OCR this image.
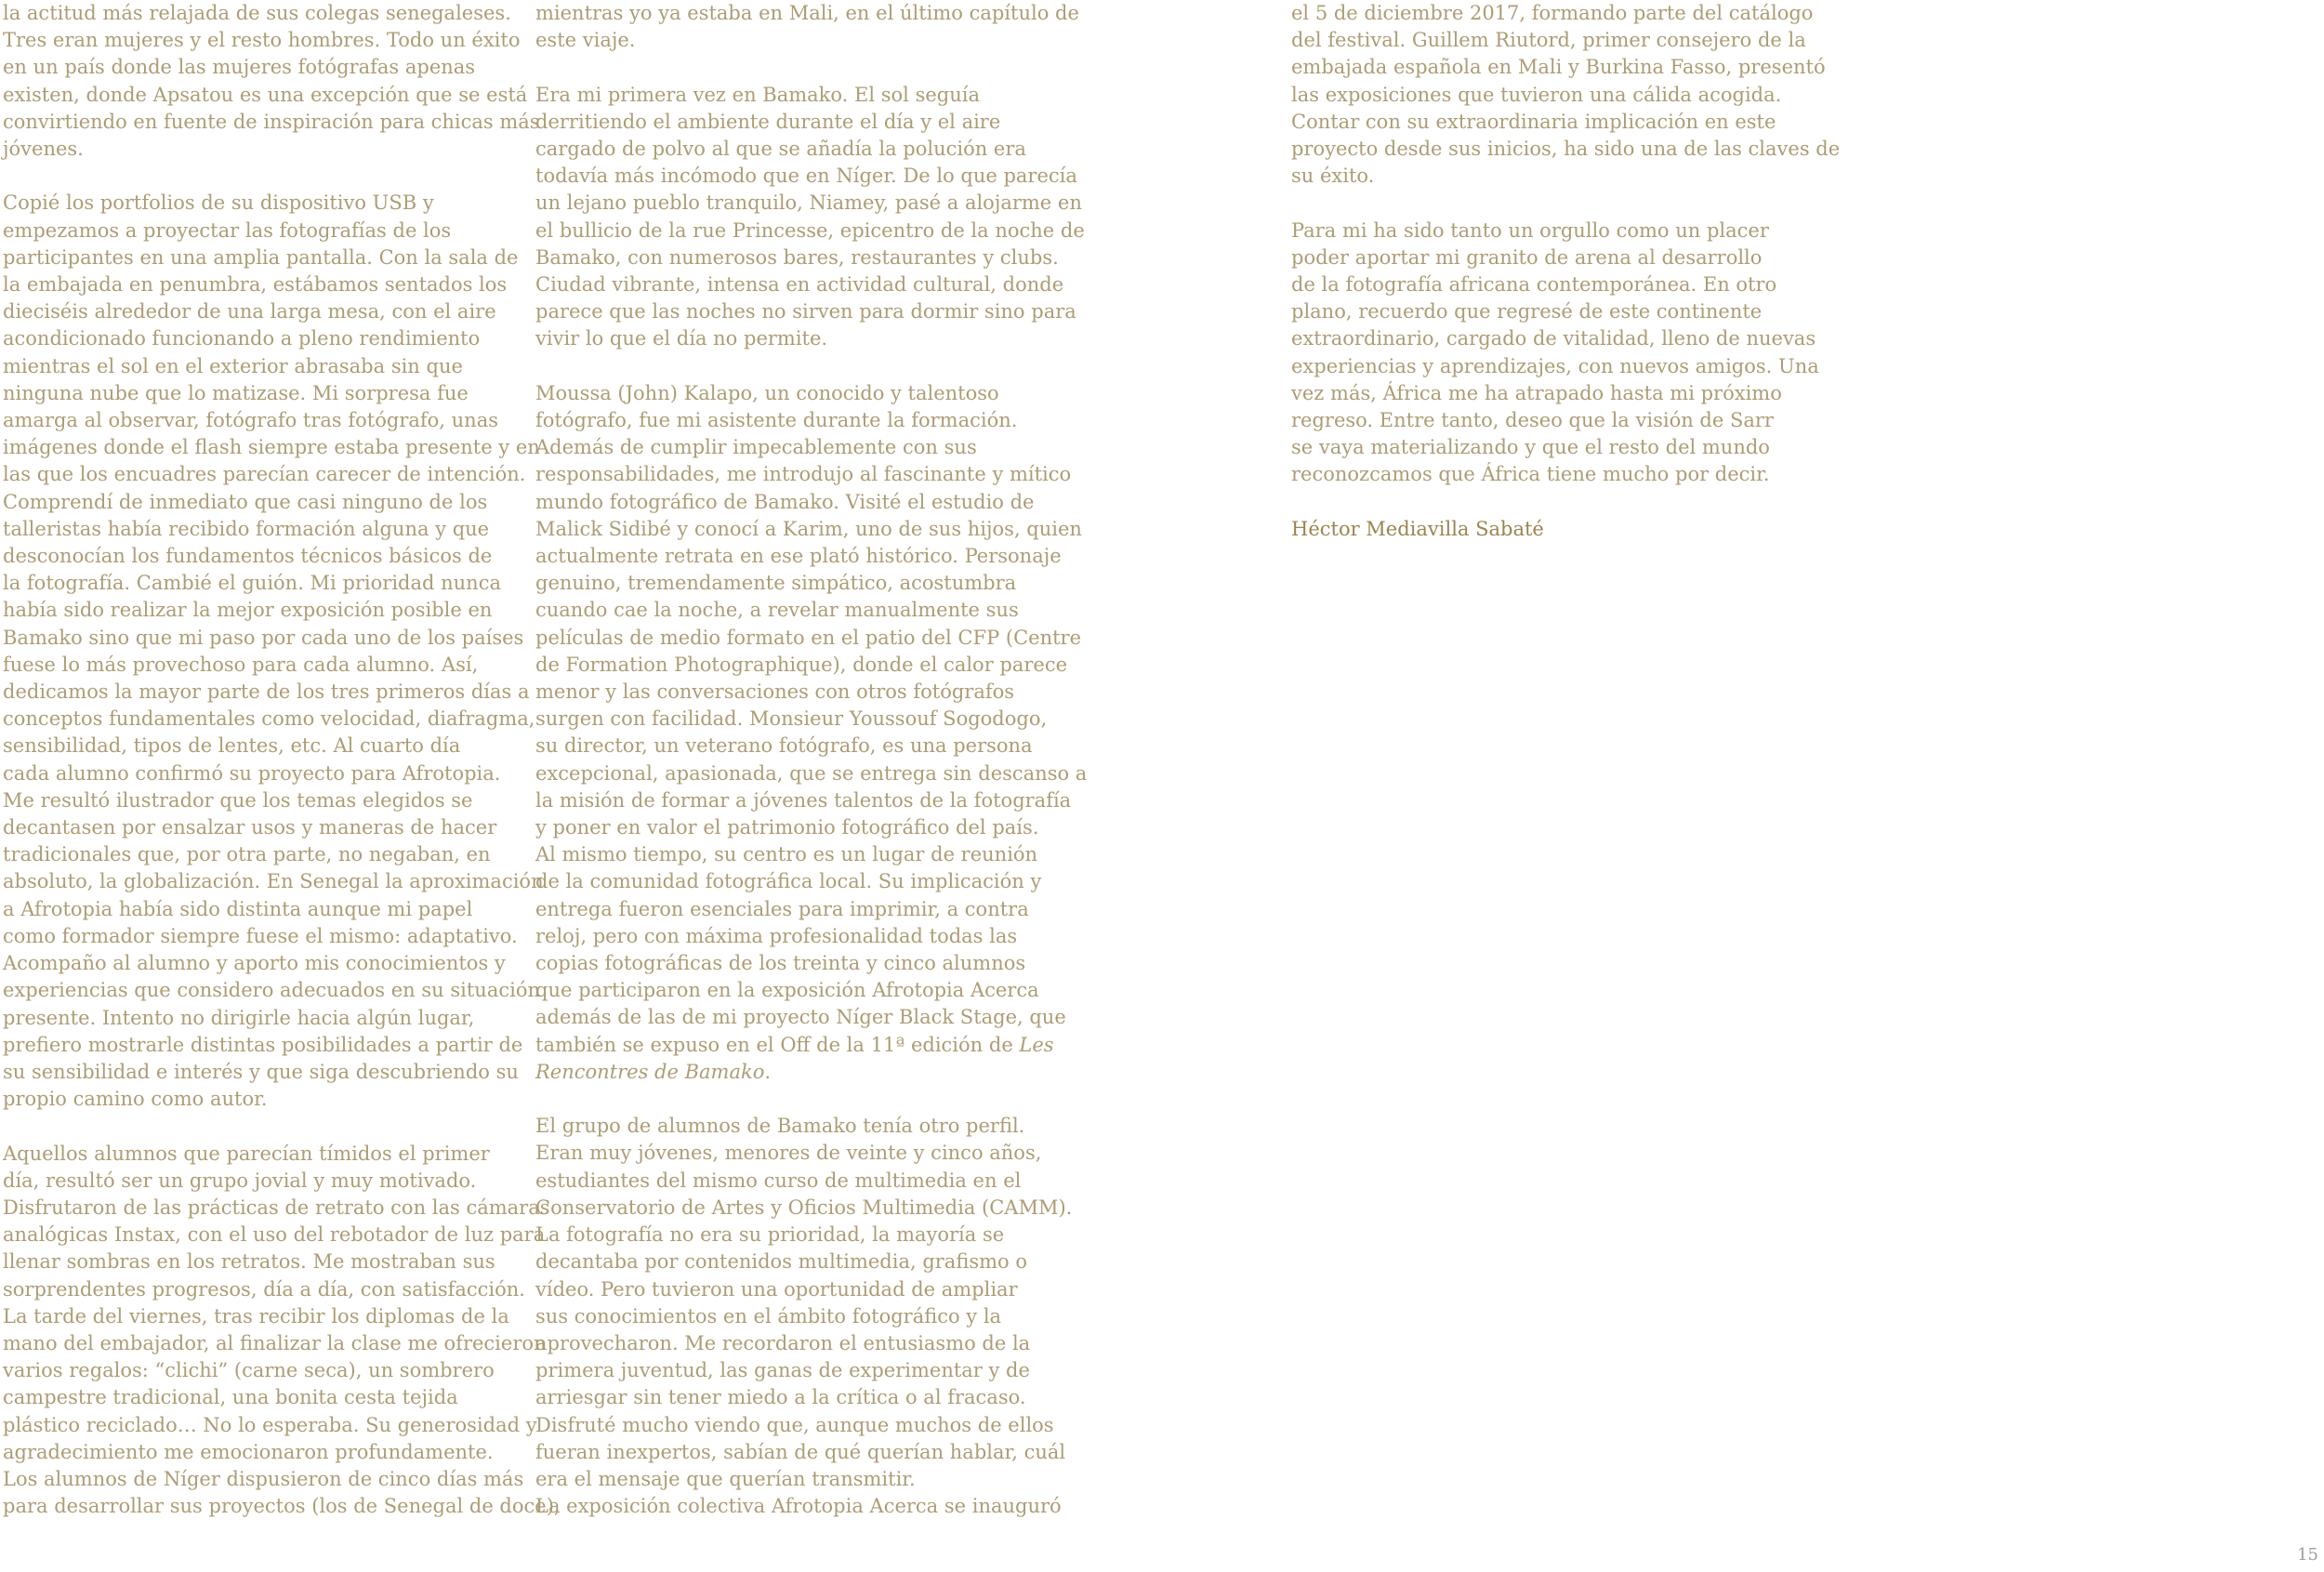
la actitud más relajada de sus colegas senegaleses.
Tres eran mujeres y el resto hombres. Todo un éxito
en un país donde las mujeres fotógrafas apenas
existen, donde Apsatou es una excepción que se está
convirtiendo en fuente de inspiración para chicas más
jóvenes.

Copié los portfolios de su dispositivo USB y
empezamos a proyectar las fotografías de los
participantes en una amplia pantalla. Con la sala de
la embajada en penumbra, estábamos sentados los
dieciséis alrededor de una larga mesa, con el aire
acondicionado funcionando a pleno rendimiento
mientras el sol en el exterior abrasaba sin que
ninguna nube que lo matizase. Mi sorpresa fue
amarga al observar, fotógrafo tras fotógrafo, unas
imágenes donde el flash siempre estaba presente y en
las que los encuadres parecían carecer de intención.
Comprendí de inmediato que casi ninguno de los
talleristas había recibido formación alguna y que
desconocían los fundamentos técnicos básicos de
la fotografía. Cambié el guión. Mi prioridad nunca
había sido realizar la mejor exposición posible en
Bamako sino que mi paso por cada uno de los países
fuese lo más provechoso para cada alumno. Así,
dedicamos la mayor parte de los tres primeros días a
conceptos fundamentales como velocidad, diafragma,
sensibilidad, tipos de lentes, etc. Al cuarto día
cada alumno confirmó su proyecto para Afrotopia.
Me resultó ilustrador que los temas elegidos se
decantasen por ensalzar usos y maneras de hacer
tradicionales que, por otra parte, no negaban, en
absoluto, la globalización. En Senegal la aproximación
a Afrotopia había sido distinta aunque mi papel
como formador siempre fuese el mismo: adaptativo.
Acompaño al alumno y aporto mis conocimientos y
experiencias que considero adecuados en su situación
presente. Intento no dirigirle hacia algún lugar,
prefiero mostrarle distintas posibilidades a partir de
su sensibilidad e interés y que siga descubriendo su
propio camino como autor.

Aquellos alumnos que parecían tímidos el primer
día, resultó ser un grupo jovial y muy motivado.
Disfrutaron de las prácticas de retrato con las cámaras
analógicas Instax, con el uso del rebotador de luz para
llenar sombras en los retratos. Me mostraban sus
sorprendentes progresos, día a día, con satisfacción.
La tarde del viernes, tras recibir los diplomas de la
mano del embajador, al finalizar la clase me ofrecieron
varios regalos: “clichi” (carne seca), un sombrero
campestre tradicional, una bonita cesta tejida
plástico reciclado… No lo esperaba. Su generosidad y
agradecimiento me emocionaron profundamente.
Los alumnos de Níger dispusieron de cinco días más
para desarrollar sus proyectos (los de Senegal de doce),

mientras yo ya estaba en Mali, en el último capítulo de
este viaje.

Era mi primera vez en Bamako. El sol seguía
derritiendo el ambiente durante el día y el aire
cargado de polvo al que se añadía la polución era
todavía más incómodo que en Níger. De lo que parecía
un lejano pueblo tranquilo, Niamey, pasé a alojarme en
el bullicio de la rue Princesse, epicentro de la noche de
Bamako, con numerosos bares, restaurantes y clubs.
Ciudad vibrante, intensa en actividad cultural, donde
parece que las noches no sirven para dormir sino para
vivir lo que el día no permite.

Moussa (John) Kalapo, un conocido y talentoso
fotógrafo, fue mi asistente durante la formación.
Además de cumplir impecablemente con sus
responsabilidades, me introdujo al fascinante y mítico
mundo fotográfico de Bamako. Visité el estudio de
Malick Sidibé y conocí a Karim, uno de sus hijos, quien
actualmente retrata en ese plató histórico. Personaje
genuino, tremendamente simpático, acostumbra
cuando cae la noche, a revelar manualmente sus
películas de medio formato en el patio del CFP (Centre
de Formation Photographique), donde el calor parece
menor y las conversaciones con otros fotógrafos
surgen con facilidad. Monsieur Youssouf Sogodogo,
su director, un veterano fotógrafo, es una persona
excepcional, apasionada, que se entrega sin descanso a
la misión de formar a jóvenes talentos de la fotografía
y poner en valor el patrimonio fotográfico del país.
Al mismo tiempo, su centro es un lugar de reunión
de la comunidad fotográfica local. Su implicación y
entrega fueron esenciales para imprimir, a contra
reloj, pero con máxima profesionalidad todas las
copias fotográficas de los treinta y cinco alumnos
que participaron en la exposición Afrotopia Acerca
además de las de mi proyecto Níger Black Stage, que
también se expuso en el Off de la 11ª edición de Les
Rencontres de Bamako.

El grupo de alumnos de Bamako tenía otro perfil.
Eran muy jóvenes, menores de veinte y cinco años,
estudiantes del mismo curso de multimedia en el
Conservatorio de Artes y Oficios Multimedia (CAMM).
La fotografía no era su prioridad, la mayoría se
decantaba por contenidos multimedia, grafismo o
vídeo. Pero tuvieron una oportunidad de ampliar
sus conocimientos en el ámbito fotográfico y la
aprovecharon. Me recordaron el entusiasmo de la
primera juventud, las ganas de experimentar y de
arriesgar sin tener miedo a la crítica o al fracaso.
Disfruté mucho viendo que, aunque muchos de ellos
fueran inexpertos, sabían de qué querían hablar, cuál
era el mensaje que querían transmitir.
La exposición colectiva Afrotopia Acerca se inauguró

el 5 de diciembre 2017, formando parte del catálogo
del festival. Guillem Riutord, primer consejero de la
embajada española en Mali y Burkina Fasso, presentó
las exposiciones que tuvieron una cálida acogida.
Contar con su extraordinaria implicación en este
proyecto desde sus inicios, ha sido una de las claves de
su éxito.

Para mi ha sido tanto un orgullo como un placer
poder aportar mi granito de arena al desarrollo
de la fotografía africana contemporánea. En otro
plano, recuerdo que regresé de este continente
extraordinario, cargado de vitalidad, lleno de nuevas
experiencias y aprendizajes, con nuevos amigos. Una
vez más, África me ha atrapado hasta mi próximo
regreso. Entre tanto, deseo que la visión de Sarr
se vaya materializando y que el resto del mundo
reconozcamos que África tiene mucho por decir.

Héctor Mediavilla Sabaté

15
